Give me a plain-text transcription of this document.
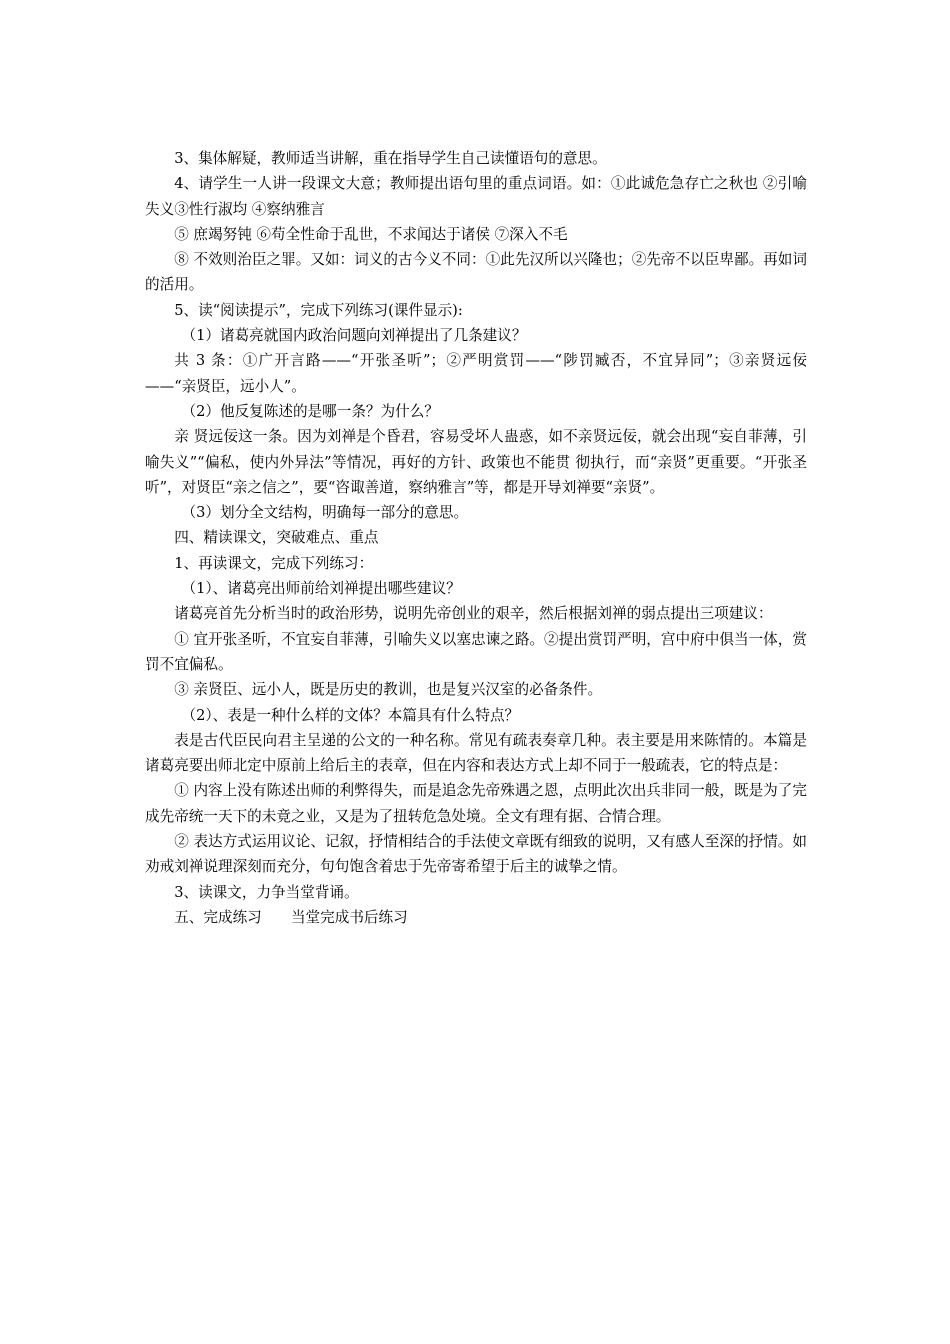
3、集体解疑，教师适当讲解，重在指导学生自己读懂语句的意思。

4、请学生一人讲一段课文大意；教师提出语句里的重点词语。如：①此诚危急存亡之秋也 ②引喻失义③性行淑均 ④察纳雅言

⑤ 庶竭努钝 ⑥苟全性命于乱世，不求闻达于诸侯 ⑦深入不毛

⑧ 不效则治臣之罪。又如：词义的古今义不同：①此先汉所以兴隆也；②先帝不以臣卑鄙。再如词的活用。

5、读“阅读提示”，完成下列练习(课件显示):

（1）诸葛亮就国内政治问题向刘禅提出了几条建议？

共 3 条：①广开言路——“开张圣听”；②严明赏罚——“陟罚臧否，不宜异同”；③亲贤远佞——“亲贤臣，远小人”。

（2）他反复陈述的是哪一条？为什么？

亲 贤远佞这一条。因为刘禅是个昏君，容易受坏人蛊惑，如不亲贤远佞，就会出现“妄自菲薄，引喻失义”“偏私，使内外异法”等情况，再好的方针、政策也不能贯 彻执行，而“亲贤”更重要。“开张圣听”，对贤臣“亲之信之”，要“咨诹善道，察纳雅言”等，都是开导刘禅要“亲贤”。

（3）划分全文结构，明确每一部分的意思。

四、精读课文，突破难点、重点

1、再读课文，完成下列练习：

（1）、诸葛亮出师前给刘禅提出哪些建议？

诸葛亮首先分析当时的政治形势，说明先帝创业的艰辛，然后根据刘禅的弱点提出三项建议：

① 宜开张圣听，不宜妄自菲薄，引喻失义以塞忠谏之路。②提出赏罚严明，宫中府中俱当一体，赏罚不宜偏私。

③ 亲贤臣、远小人，既是历史的教训，也是复兴汉室的必备条件。

（2）、表是一种什么样的文体？本篇具有什么特点？

表是古代臣民向君主呈递的公文的一种名称。常见有疏表奏章几种。表主要是用来陈情的。本篇是诸葛亮要出师北定中原前上给后主的表章，但在内容和表达方式上却不同于一般疏表，它的特点是：

① 内容上没有陈述出师的利弊得失，而是追念先帝殊遇之恩，点明此次出兵非同一般，既是为了完成先帝统一天下的未竟之业，又是为了扭转危急处境。全文有理有据、合情合理。

② 表达方式运用议论、记叙，抒情相结合的手法使文章既有细致的说明，又有感人至深的抒情。如劝戒刘禅说理深刻而充分，句句饱含着忠于先帝寄希望于后主的诚挚之情。

3、读课文，力争当堂背诵。

五、完成练习　　当堂完成书后练习
